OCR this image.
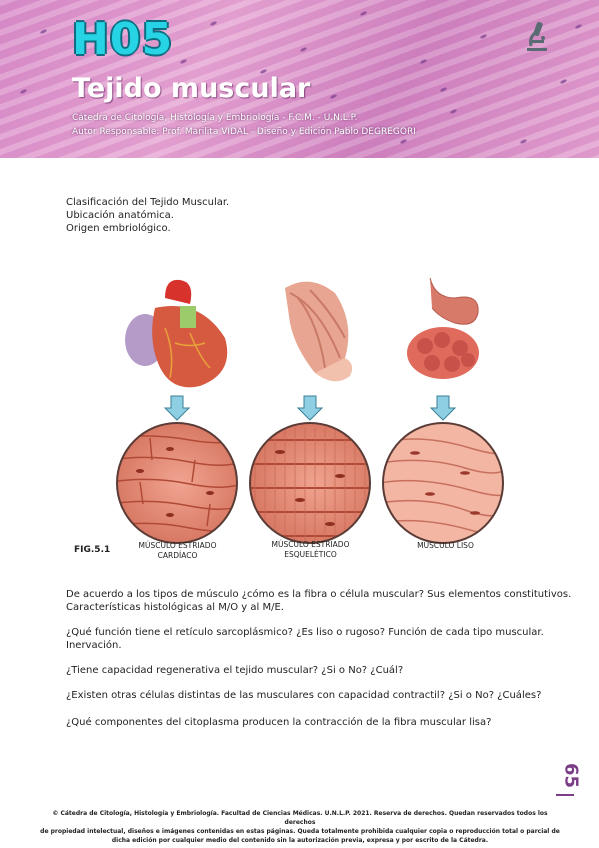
H05
Tejido muscular
Cátedra de Citología, Histología y Embriología - F.C.M. - U.N.L.P.
Autor Responsable: Prof. Marilita VIDAL - Diseño y Edición Pablo DEGREGORI
Clasificación del Tejido Muscular.
Ubicación anatómica.
Origen embriológico.
FIG.5.1	MÚSCULO ESTRIADO
CARDÍACO
MÚSCULO ESTRIADO
ESQUELÉTICO
MÚSCULO LISO
De acuerdo a los tipos de músculo ¿cómo es la fibra o célula muscular? Sus elementos constitutivos.
Características histológicas al M/O y al M/E.
¿Qué función tiene el retículo sarcoplásmico? ¿Es liso o rugoso? Función de cada tipo muscular.
Inervación.
¿Tiene capacidad regenerativa el tejido muscular? ¿Si o No? ¿Cuál?
¿Existen otras células distintas de las musculares con capacidad contractil? ¿Si o No? ¿Cuáles?
¿Qué componentes del citoplasma producen la contracción de la fibra muscular lisa?
65
© Cátedra de Citología, Histología y Embriología. Facultad de Ciencias Médicas. U.N.L.P. 2021. Reserva de derechos. Quedan reservados todos los derechos
de propiedad intelectual, diseños e imágenes contenidas en estas páginas. Queda totalmente prohibida cualquier copia o reproducción total o parcial de
dicha edición por cualquier medio del contenido sin la autorización previa, expresa y por escrito de la Cátedra.
